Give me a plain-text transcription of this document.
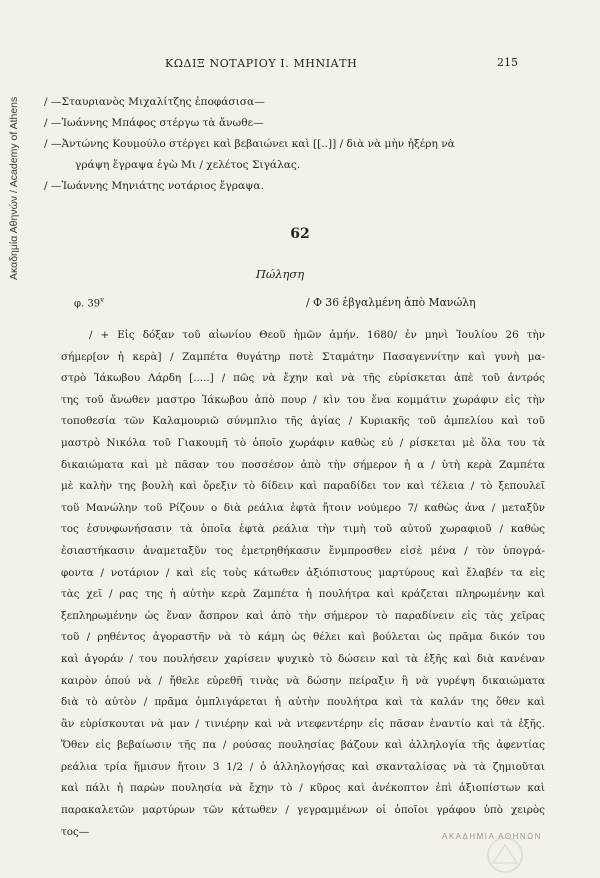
Ακαδημία Αθηνών / Academy of Athens
ΚΩΔΙΞ ΝΟΤΑΡΙΟΥ Ι. ΜΗΝΙΑΤΗ	215
/ —Σταυριανὸς Μιχαλίτζης ἐποφάσισα—
/ —Ἰωάννης Μπάφος στέργω τὰ ἄνωθε—
/ —Ἀντώνης Κουμούλο στέργει καὶ βεβαιώνει καὶ [[..]] / διὰ νὰ μὴν ἠξέρη νὰ
γράψη ἔγραψα ἐγὼ Μι / χελέτος Σιγάλας.
/ —Ἰωάννης Μηνιάτης νοτάριος ἔγραψα.
62
Πώληση
φ. 39$^v$	/ Φ 36 ἐβγαλμένη ἀπὸ Μανώλη
/ + Εἰς δόξαν τοῦ αἰωνίου Θεοῦ ἡμῶν ἀμήν. 1680/ ἐν μηνὶ Ἰουλίου 26 τὴν
σήμερ[ον ἡ κερὰ] / Ζαμπέτα θυγάτηρ ποτὲ Σταμάτην Πασαγεννίτην καὶ γυνὴ μα-
στρὸ Ἰάκωβου Λάρδη [.....] / πῶς νὰ ἔχην καὶ νὰ τῆς εὑρίσκεται ἀπὲ τοῦ ἀντρός
της τοῦ ἄνωθεν μαστρο Ἰάκωβου ἀπὸ πουρ / κὶν του ἕνα κομμάτιν χωράφιν εἰς τὴν
τοποθεσία τῶν Καλαμουριῶ σύνμπλιο τῆς ἁγίας / Κυριακῆς τοῦ ἀμπελίου καὶ τοῦ
μαστρὸ Νικόλα τοῦ Γιακουμῆ τὸ ὁποῖο χωράφιν καθὼς εὑ / ρίσκεται μὲ ὅλα του τὰ
δικαιώματα καὶ μὲ πᾶσαν του ποσσέσον ἀπὸ τὴν σήμερον ἡ α / ὑτὴ κερὰ Ζαμπέτα
μὲ καλὴν της βουλὴ καὶ ὄρεξιν τὸ δίδειν καὶ παραδίδει τον καὶ τέλεια / τὸ ξεπουλεῖ
τοῦ Μανώλην τοῦ Ρίζουν ο διὰ ρεάλια ἑφτὰ ἤτοιν νούμερο 7/ καθὼς ἀνα / μεταξῦν
τος ἐσυνφωνήσασιν τὰ ὁποῖα ἑφτὰ ρεάλια τὴν τιμὴ τοῦ αὐτοῦ χωραφιοῦ / καθὼς
ἐσιαστήκασιν ἀναμεταξῦν τος ἐμετρηθήκασιν ἔνμπροσθεν εἰσὲ μένα / τὸν ὑπογρά-
φοντα / νοτάριον / καὶ εἰς τοὺς κάτωθεν ἀξιόπιστους μαρτύρους καὶ ἔλαβέν τα εἰς
τὰς χεῖ / ρας της ἡ αὐτὴν κερὰ Ζαμπέτα ἡ πουλήτρα καὶ κράζεται πληρωμένην καὶ
ξεπληρωμένην ὡς ἕναν ἄσπρον καὶ ἀπὸ τὴν σήμερον τὸ παραδίνειν εἰς τὰς χεῖρας
τοῦ / ρηθέντος ἀγοραστῆν νὰ τὸ κάμη ὡς θέλει καὶ βούλεται ὡς πρᾶμα δικόν του
καὶ ἀγοράν / του πουλήσειν χαρίσειν ψυχικὸ τὸ δώσειν καὶ τὰ ἑξῆς καὶ διὰ κανέναν
καιρὸν ὁπού νὰ / ἤθελε εὑρεθῆ τινὰς νὰ δώσην πείραξιν ἢ νὰ γυρέψη δικαιώματα
διὰ τὸ αὐτὸν / πρᾶμα ὀμπλιγάρεται ἡ αὐτὴν πουλήτρα καὶ τὰ καλάν της ὅθεν καὶ
ἂν εὑρίσκουται νὰ μαν / τινιέρην καὶ νὰ ντεφεντέρην εἰς πᾶσαν ἐναντίο καὶ τὰ ἑξῆς.
Ὅθεν εἰς βεβαίωσιν τῆς πα / ρούσας πουλησίας βάζουν καὶ ἀλληλογία τῆς ἀφεντίας
ρεάλια τρία ἥμισυν ἤτοιν 3 1/2 / ὁ ἀλληλογήσας καὶ σκανταλίσας νὰ τὰ ζημιοῦται
καὶ πάλι ἡ παρὼν πουλησία νὰ ἔχην τὸ / κῦρος καὶ ἀνέκοπτον ἐπὶ ἀξιοπίστων καὶ
παρακαλετῶν μαρτύρων τῶν κάτωθεν / γεγραμμένων οἱ ὁποῖοι γράφου ὑπὸ χειρὸς
τος—	ΑΚΑΔΗΜΙΑ ΑΘΗΝΩΝ
